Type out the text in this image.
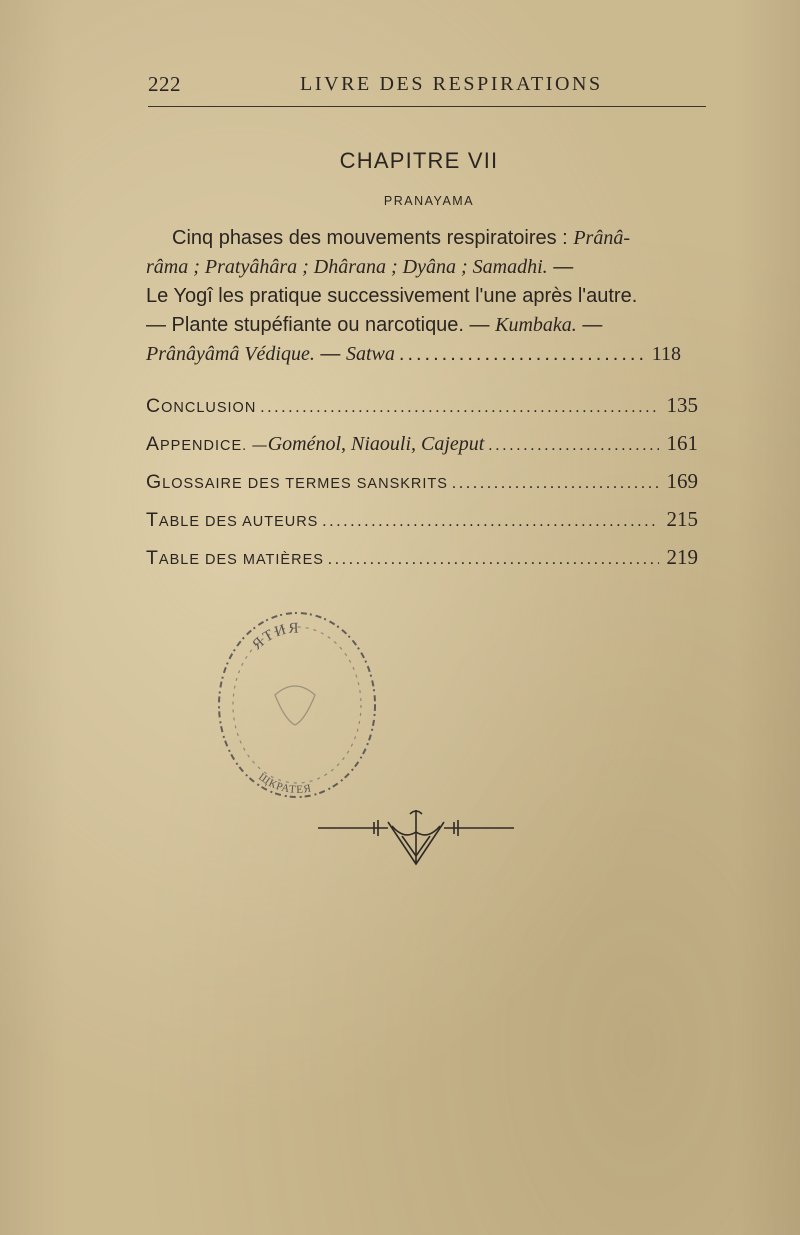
222	LIVRE DES RESPIRATIONS
CHAPITRE VII
PRANAYAMA
Cinq phases des mouvements respiratoires : Prânâ-
râma ; Pratyâhâra ; Dhârana ; Dyâna ; Samadhi. —
Le Yogî les pratique successivement l'une après l'autre.
— Plante stupéfiante ou narcotique. — Kumbaka. —
Prânâyâmâ Védique. — Satwa .....	118
CONCLUSION .....	135
APPENDICE. — Goménol, Niaouli, Cajeput .....	161
GLOSSAIRE DES TERMES SANSKRITS .....	169
TABLE DES AUTEURS .....	215
TABLE DES MATIÈRES .....	219
ЯТИЯ
ЩКРАТЕЯ
